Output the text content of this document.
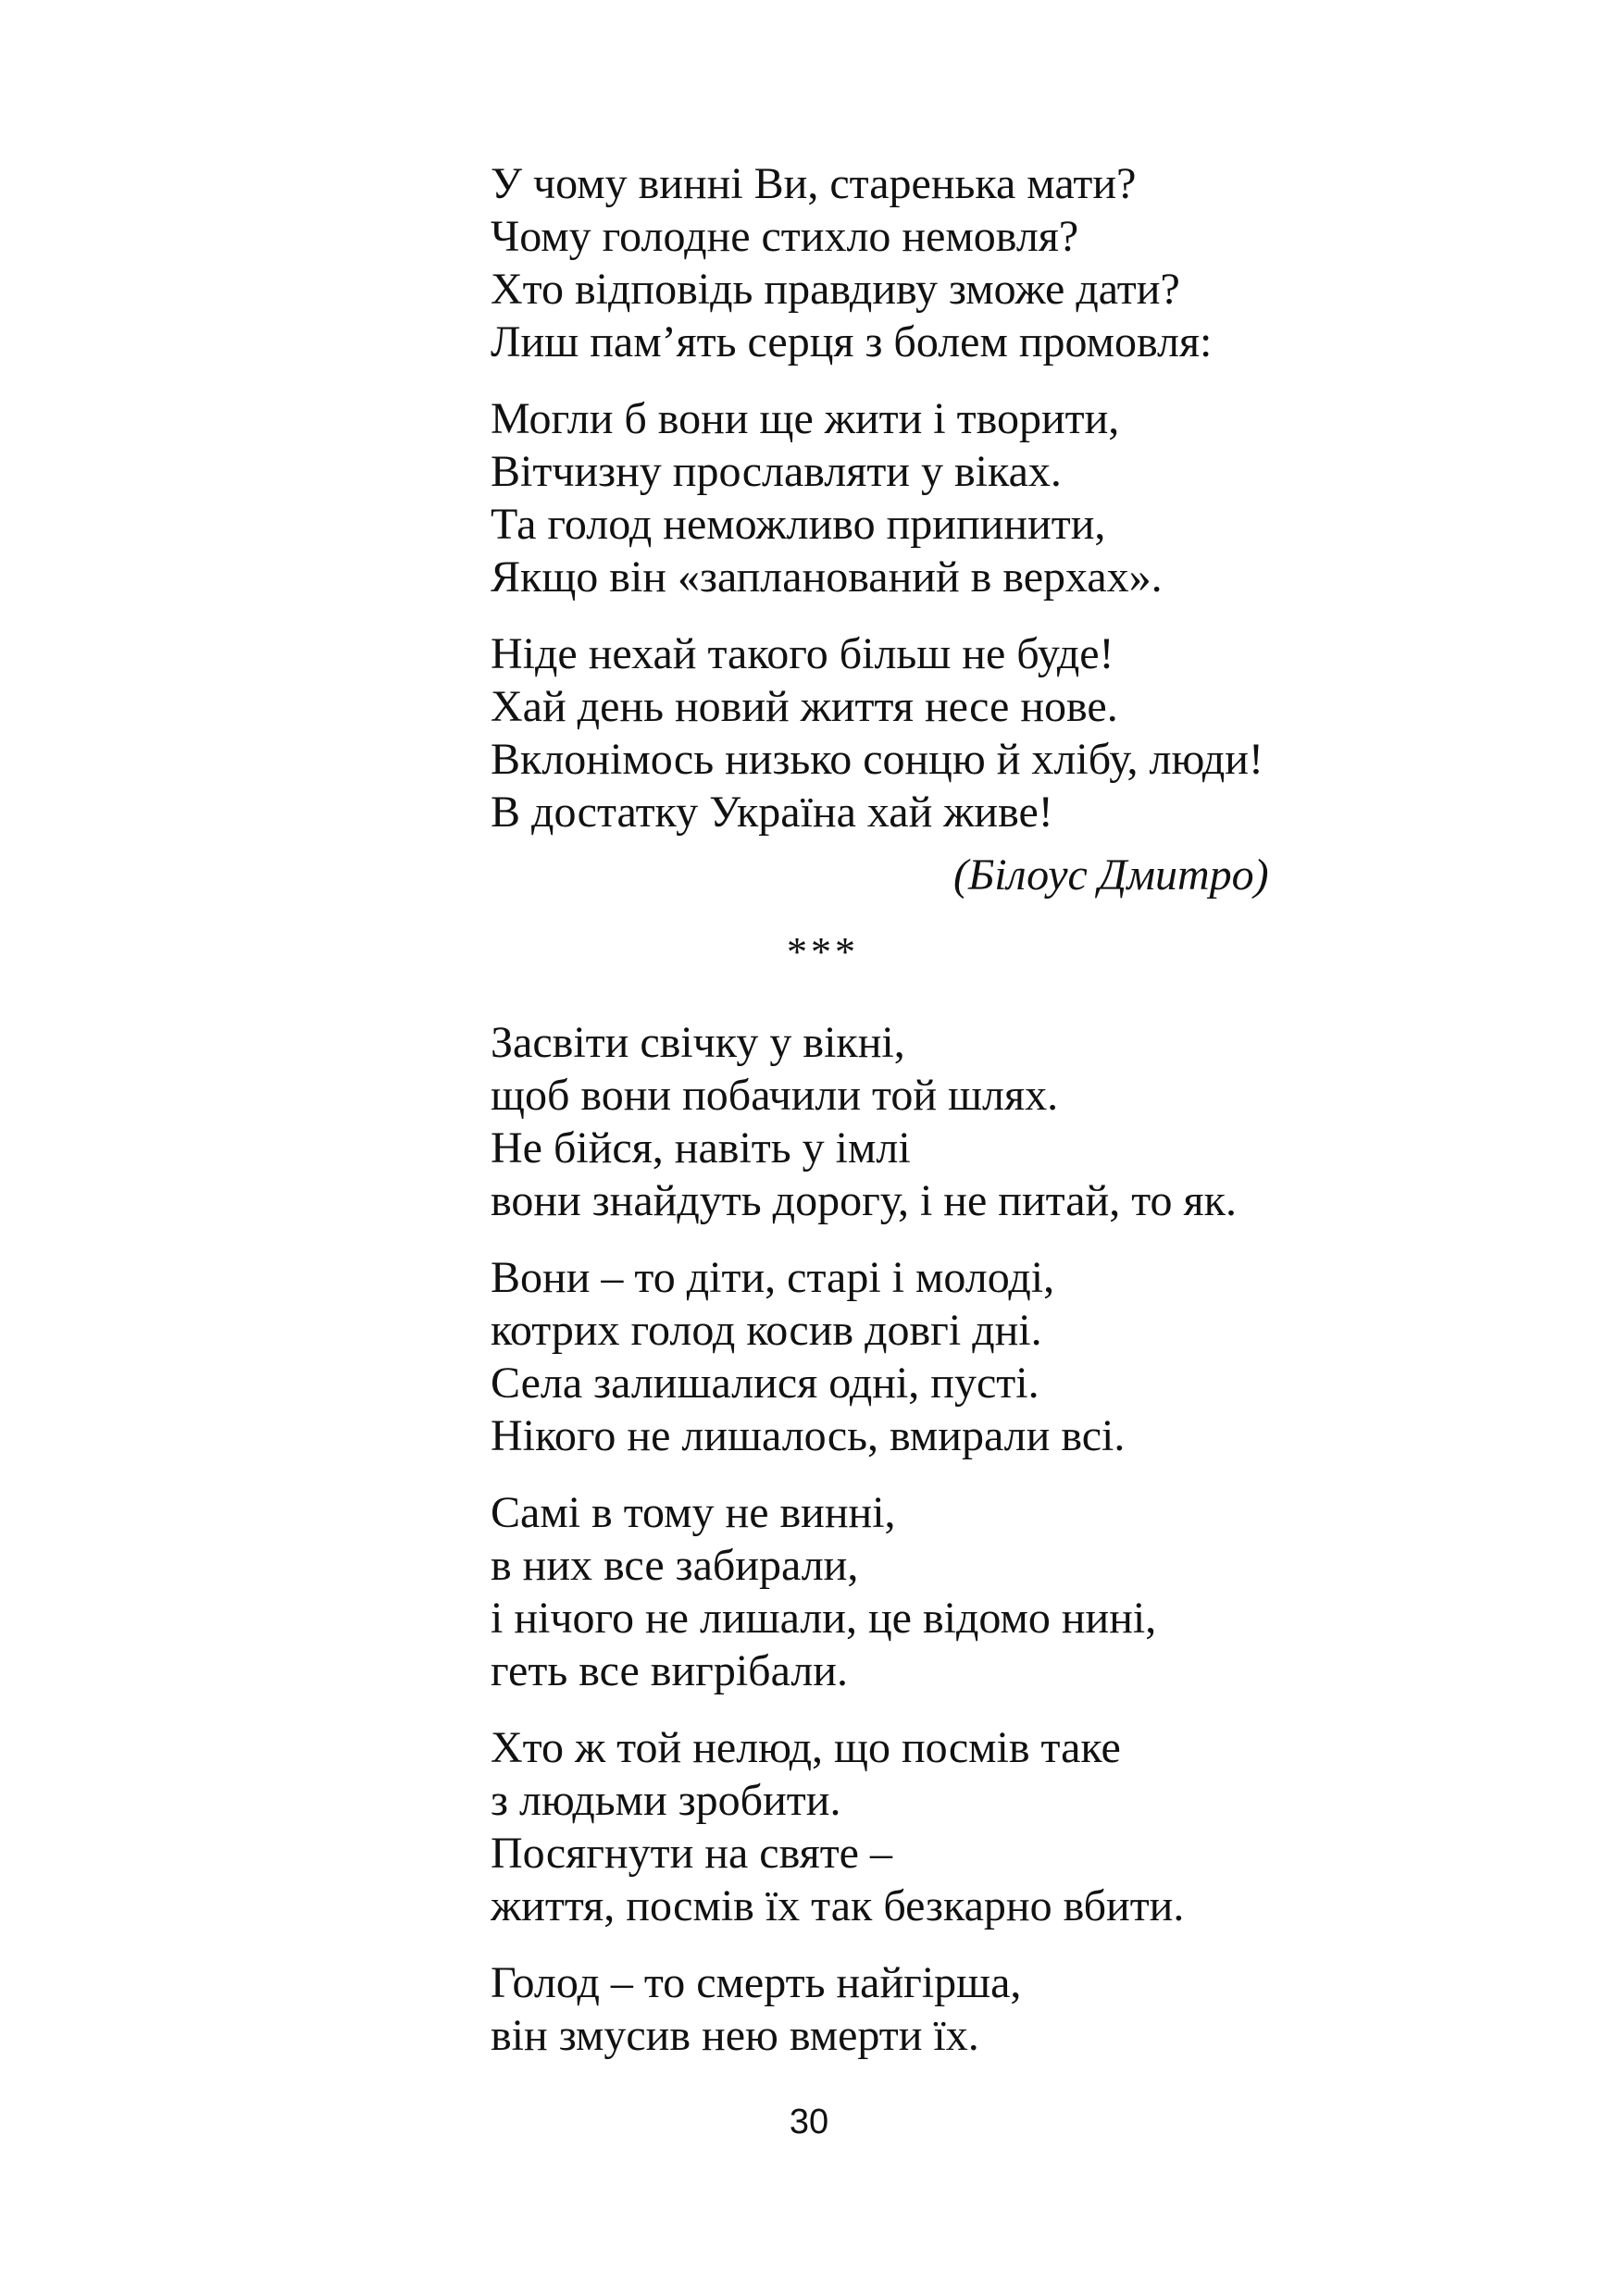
У чому винні Ви, старенька мати?
Чому голодне стихло немовля?
Хто відповідь правдиву зможе дати?
Лиш пам’ять серця з болем промовля:
Могли б вони ще жити і творити,
Вітчизну прославляти у віках.
Та голод неможливо припинити,
Якщо він «запланований в верхах».
Ніде нехай такого більш не буде!
Хай день новий життя несе нове.
Вклонімось низько сонцю й хлібу, люди!
В достатку Україна хай живе!
(Білоус Дмитро)
***
Засвіти свічку у вікні,
щоб вони побачили той шлях.
Не бійся, навіть у імлі
вони знайдуть дорогу, і не питай, то як.
Вони – то діти, старі і молоді,
котрих голод косив довгі дні.
Села залишалися одні, пусті.
Нікого не лишалось, вмирали всі.
Самі в тому не винні,
в них все забирали,
і нічого не лишали, це відомо нині,
геть все вигрібали.
Хто ж той нелюд, що посмів таке
з людьми зробити.
Посягнути на святе –
життя, посмів їх так безкарно вбити.
Голод – то смерть найгірша,
він змусив нею вмерти їх.
30
